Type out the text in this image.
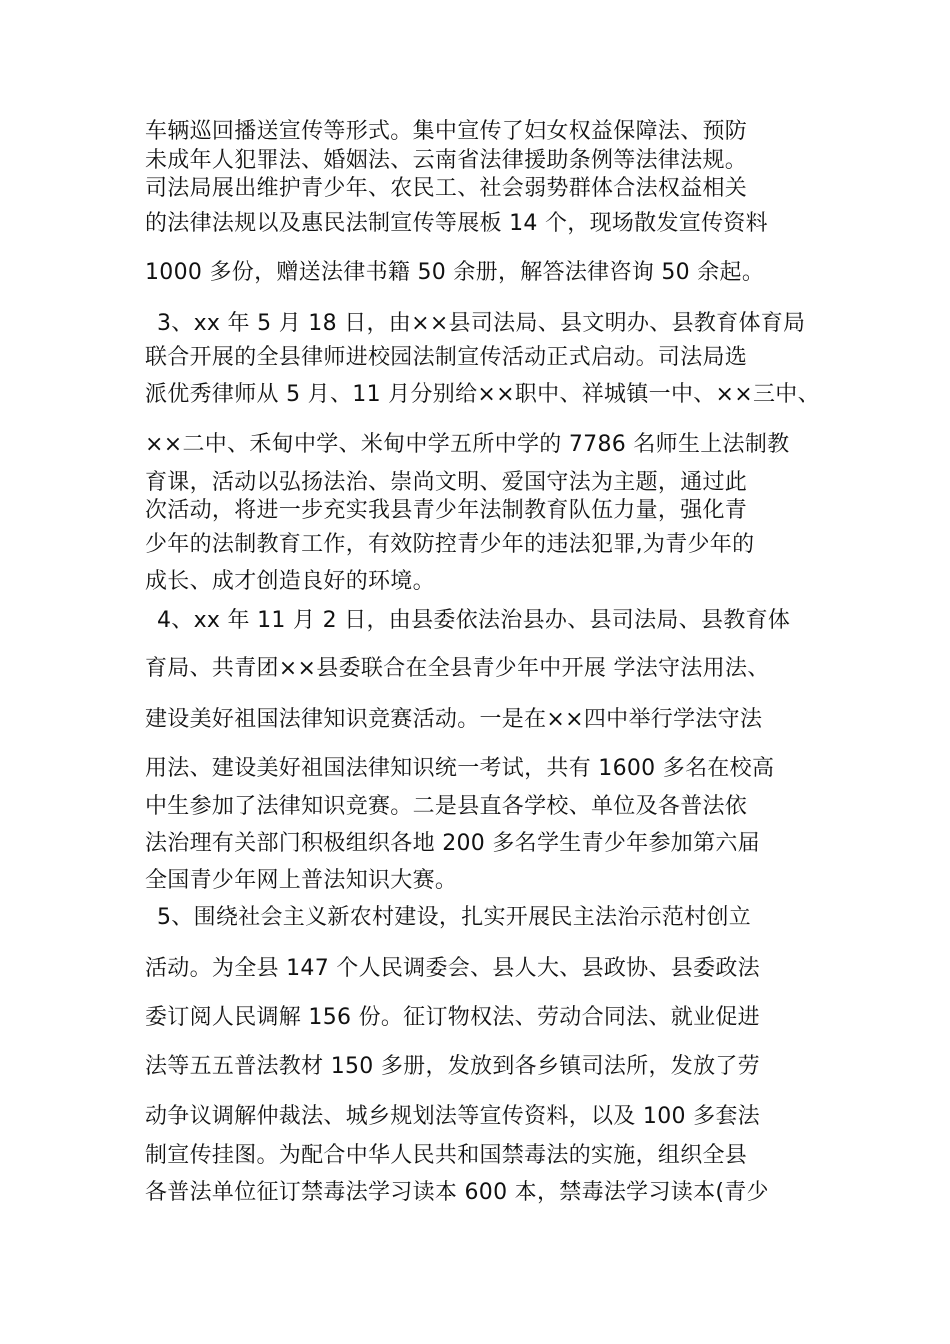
车辆巡回播送宣传等形式。集中宣传了妇女权益保障法、预防
未成年人犯罪法、婚姻法、云南省法律援助条例等法律法规。
司法局展出维护青少年、农民工、社会弱势群体合法权益相关
的法律法规以及惠民法制宣传等展板 14 个，现场散发宣传资料
1000 多份，赠送法律书籍 50 余册，解答法律咨询 50 余起。
3、xx 年 5 月 18 日，由××县司法局、县文明办、县教育体育局
联合开展的全县律师进校园法制宣传活动正式启动。司法局选
派优秀律师从 5 月、11 月分别给××职中、祥城镇一中、××三中、
××二中、禾甸中学、米甸中学五所中学的 7786 名师生上法制教
育课，活动以弘扬法治、崇尚文明、爱国守法为主题，通过此
次活动，将进一步充实我县青少年法制教育队伍力量，强化青
少年的法制教育工作，有效防控青少年的违法犯罪,为青少年的
成长、成才创造良好的环境。
4、xx 年 11 月 2 日，由县委依法治县办、县司法局、县教育体
育局、共青团××县委联合在全县青少年中开展 学法守法用法、
建设美好祖国法律知识竞赛活动。一是在××四中举行学法守法
用法、建设美好祖国法律知识统一考试，共有 1600 多名在校高
中生参加了法律知识竞赛。二是县直各学校、单位及各普法依
法治理有关部门积极组织各地 200 多名学生青少年参加第六届
全国青少年网上普法知识大赛。
5、围绕社会主义新农村建设，扎实开展民主法治示范村创立
活动。为全县 147 个人民调委会、县人大、县政协、县委政法
委订阅人民调解 156 份。征订物权法、劳动合同法、就业促进
法等五五普法教材 150 多册，发放到各乡镇司法所，发放了劳
动争议调解仲裁法、城乡规划法等宣传资料，以及 100 多套法
制宣传挂图。为配合中华人民共和国禁毒法的实施，组织全县
各普法单位征订禁毒法学习读本 600 本，禁毒法学习读本(青少
